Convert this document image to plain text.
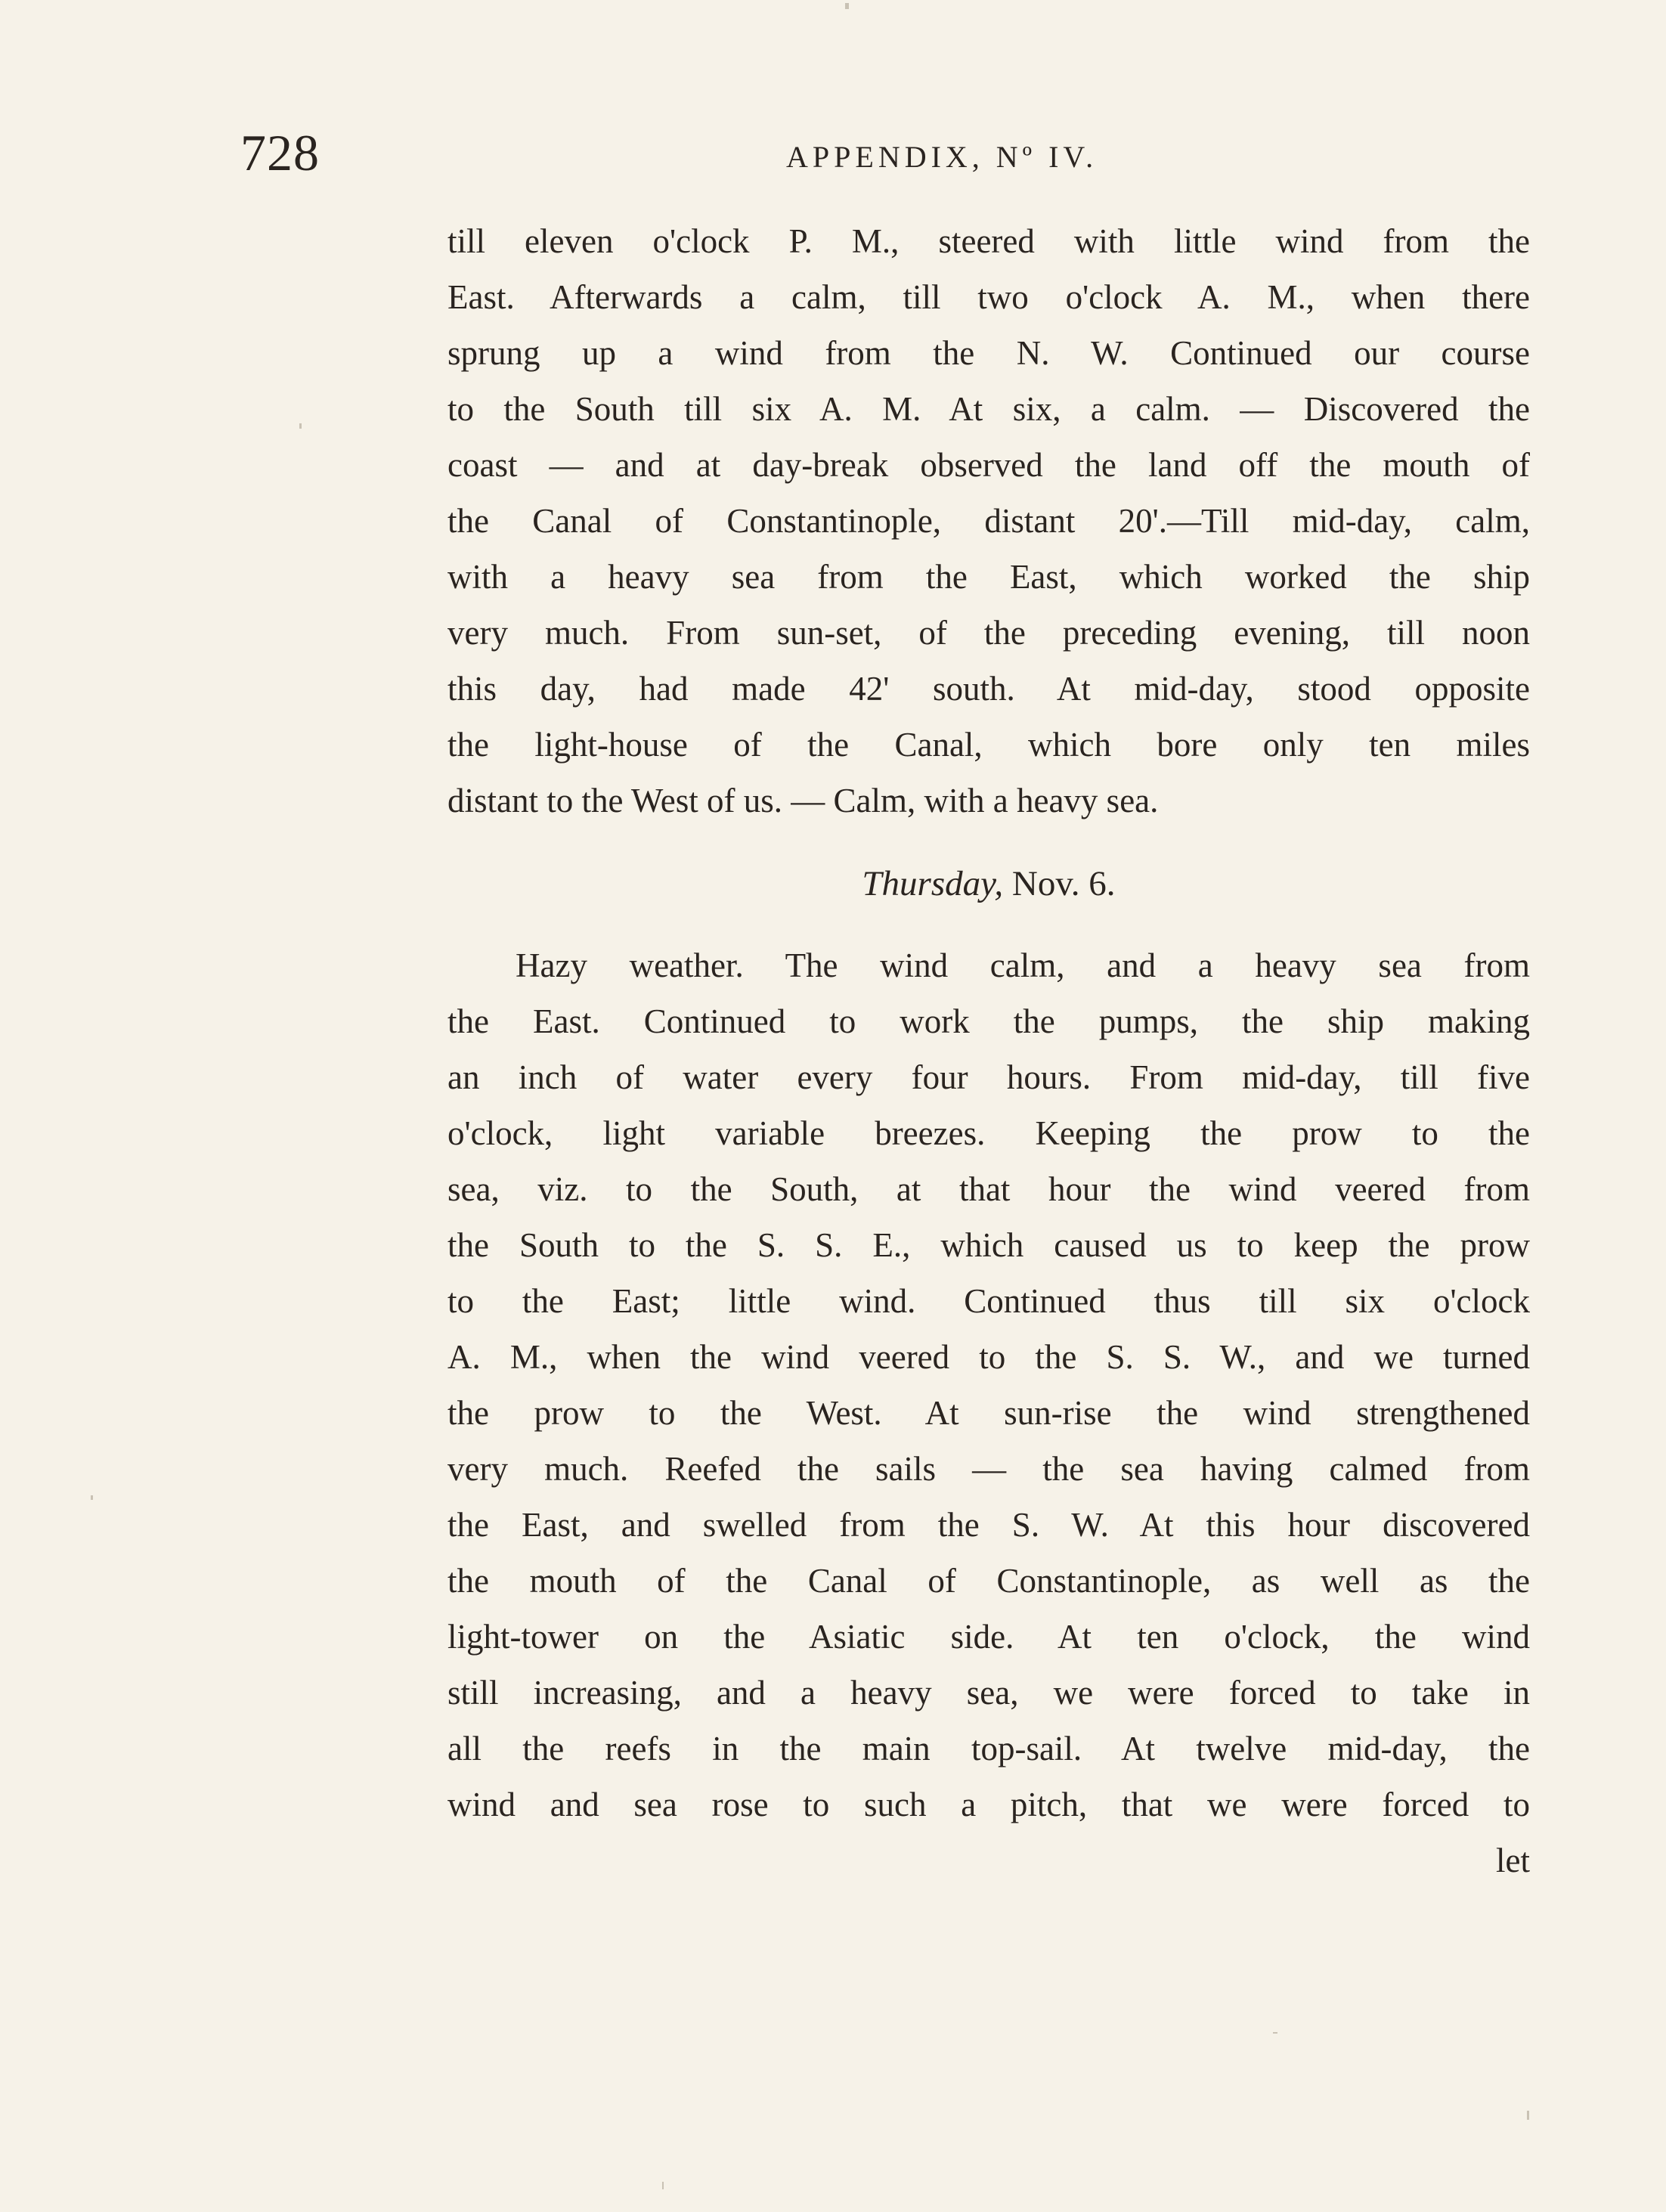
728	APPENDIX, Nº IV.
till eleven o'clock P. M., steered with little wind from the
East. Afterwards a calm, till two o'clock A. M., when there
sprung up a wind from the N. W. Continued our course
to the South till six A. M. At six, a calm. — Discovered the
coast — and at day-break observed the land off the mouth of
the Canal of Constantinople, distant 20'.—Till mid-day, calm,
with a heavy sea from the East, which worked the ship
very much. From sun-set, of the preceding evening, till noon
this day, had made 42' south. At mid-day, stood opposite
the light-house of the Canal, which bore only ten miles
distant to the West of us. — Calm, with a heavy sea.
Thursday, Nov. 6.
Hazy weather. The wind calm, and a heavy sea from
the East. Continued to work the pumps, the ship making
an inch of water every four hours. From mid-day, till five
o'clock, light variable breezes. Keeping the prow to the
sea, viz. to the South, at that hour the wind veered from
the South to the S. S. E., which caused us to keep the prow
to the East; little wind. Continued thus till six o'clock
A. M., when the wind veered to the S. S. W., and we turned
the prow to the West. At sun-rise the wind strengthened
very much. Reefed the sails — the sea having calmed from
the East, and swelled from the S. W. At this hour discovered
the mouth of the Canal of Constantinople, as well as the
light-tower on the Asiatic side. At ten o'clock, the wind
still increasing, and a heavy sea, we were forced to take in
all the reefs in the main top-sail. At twelve mid-day, the
wind and sea rose to such a pitch, that we were forced to
let
